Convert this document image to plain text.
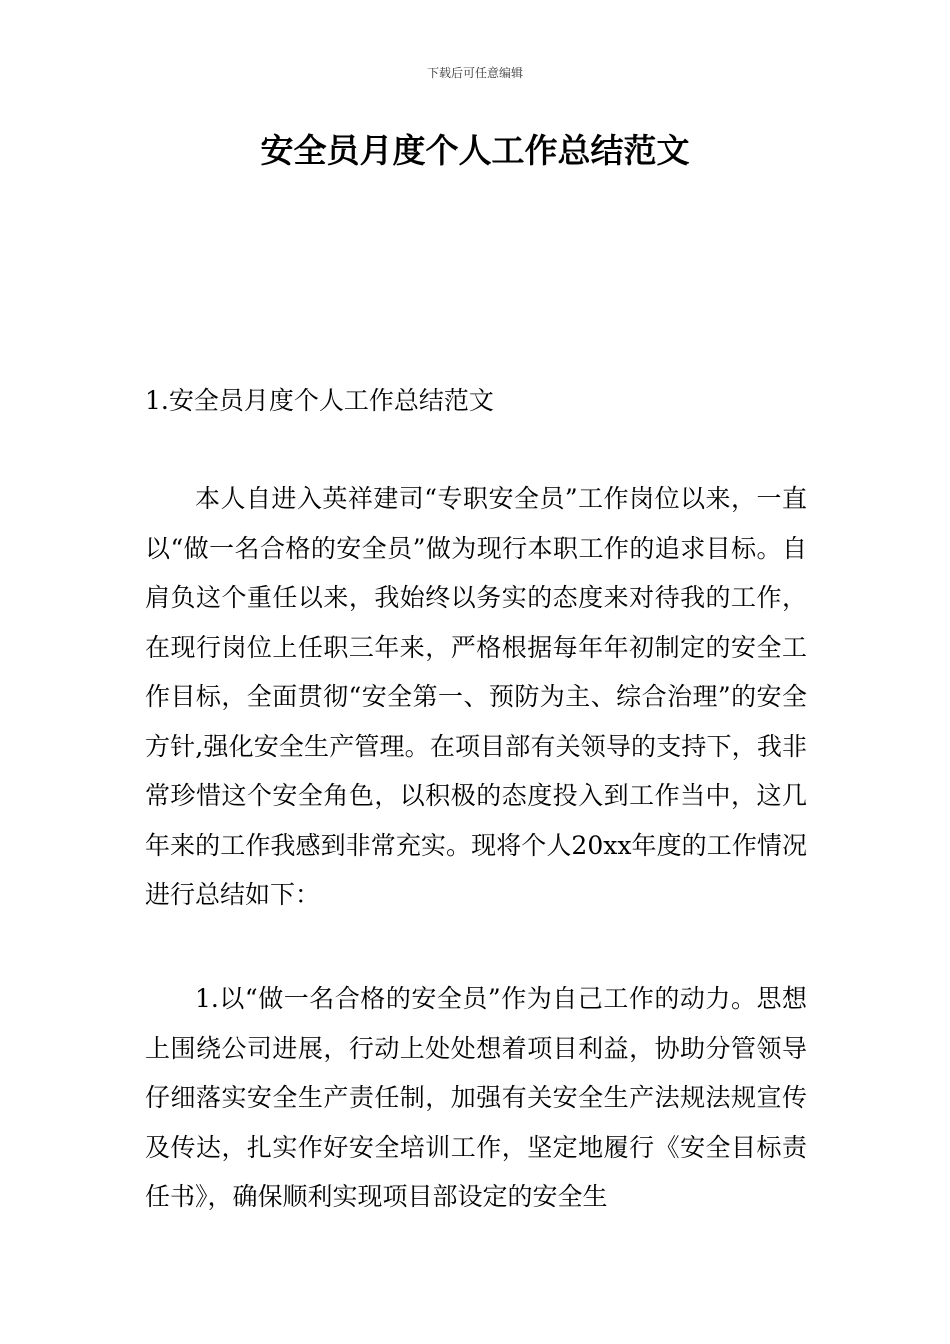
下载后可任意编辑
安全员月度个人工作总结范文

1.安全员月度个人工作总结范文

本人自进入英祥建司“专职安全员”工作岗位以来，一直以“做一名合格的安全员”做为现行本职工作的追求目标。自肩负这个重任以来，我始终以务实的态度来对待我的工作，在现行岗位上任职三年来，严格根据每年年初制定的安全工作目标，全面贯彻“安全第一、预防为主、综合治理”的安全方针,强化安全生产管理。在项目部有关领导的支持下，我非常珍惜这个安全角色，以积极的态度投入到工作当中，这几年来的工作我感到非常充实。现将个人20xx年度的工作情况进行总结如下：

1.以“做一名合格的安全员”作为自己工作的动力。思想上围绕公司进展，行动上处处想着项目利益，协助分管领导仔细落实安全生产责任制，加强有关安全生产法规法规宣传及传达，扎实作好安全培训工作，坚定地履行《安全目标责任书》，确保顺利实现项目部设定的安全生
